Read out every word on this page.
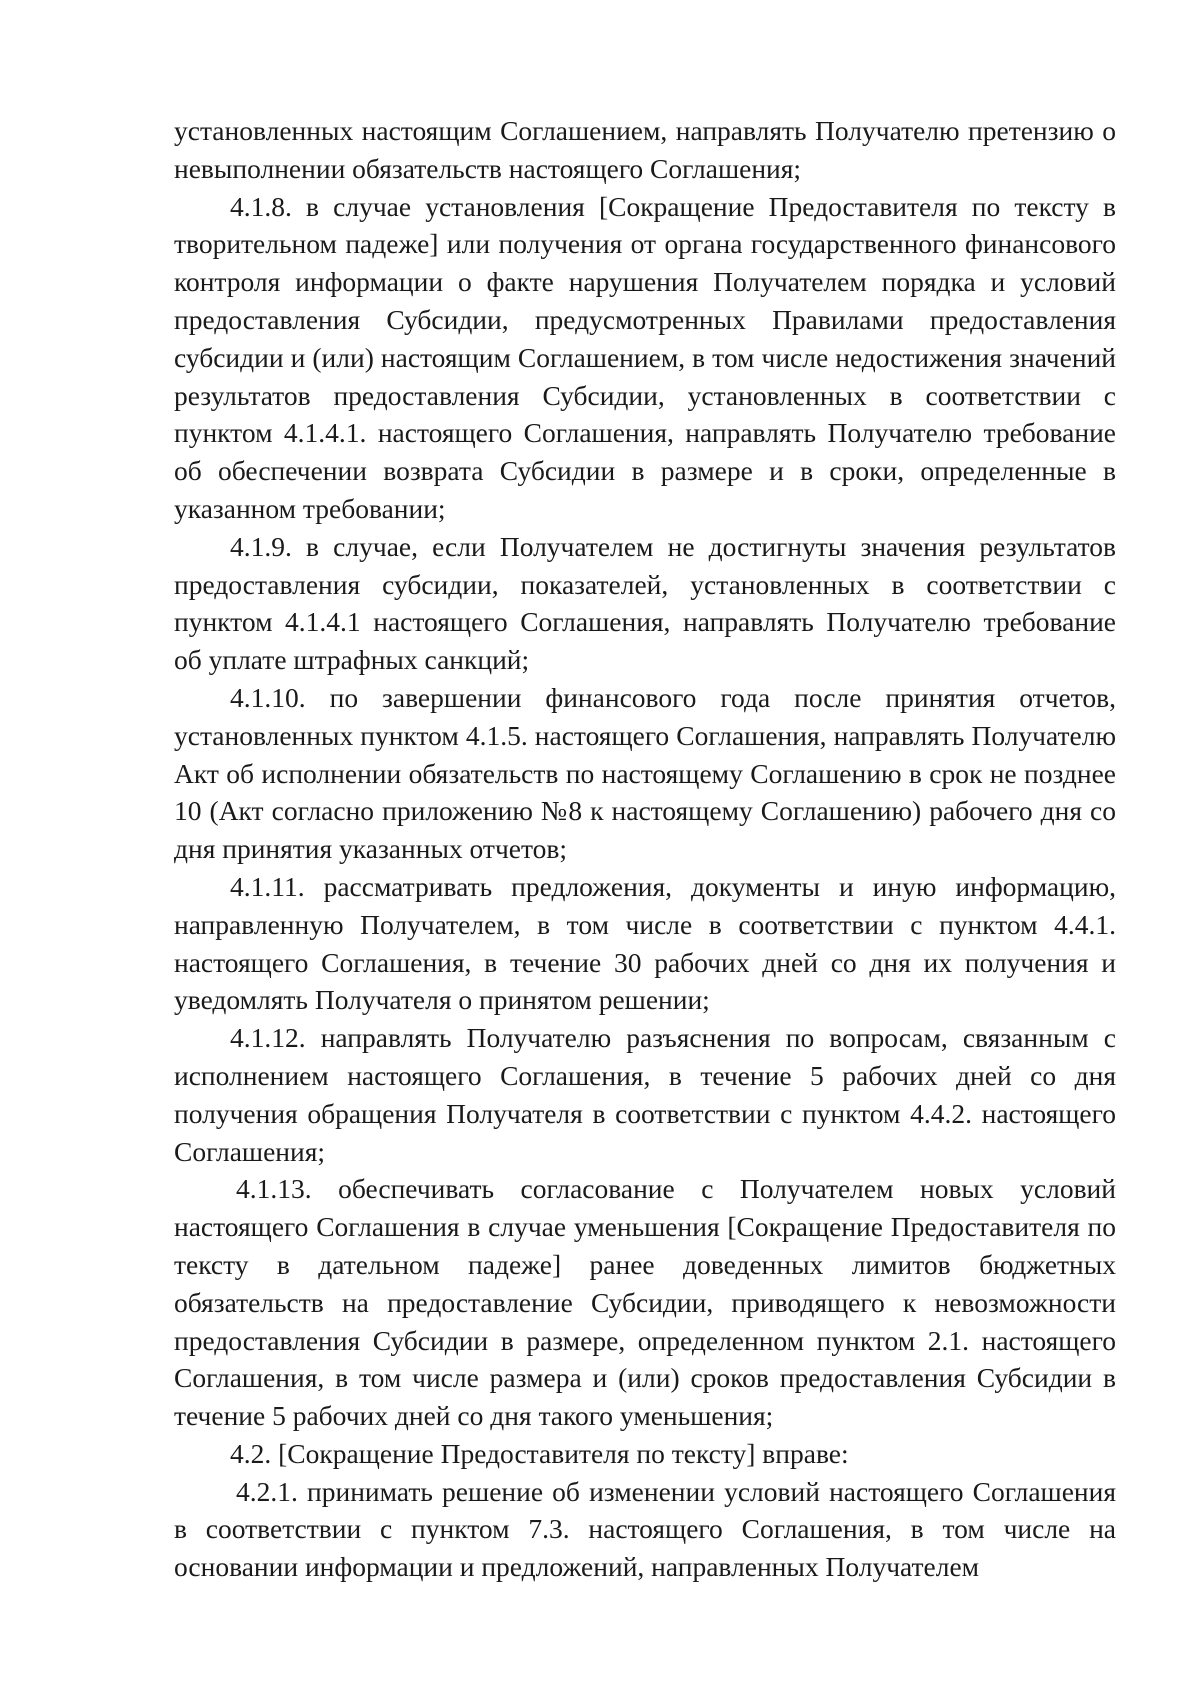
установленных настоящим Соглашением, направлять Получателю претензию о невыполнении обязательств настоящего Соглашения;

4.1.8. в случае установления [Сокращение Предоставителя по тексту в творительном падеже] или получения от органа государственного финансового контроля информации о факте нарушения Получателем порядка и условий предоставления Субсидии, предусмотренных Правилами предоставления субсидии и (или) настоящим Соглашением, в том числе недостижения значений результатов предоставления Субсидии, установленных в соответствии с пунктом 4.1.4.1. настоящего Соглашения, направлять Получателю требование об обеспечении возврата Субсидии в размере и в сроки, определенные в указанном требовании;

4.1.9. в случае, если Получателем не достигнуты значения результатов предоставления субсидии, показателей, установленных в соответствии с пунктом 4.1.4.1 настоящего Соглашения, направлять Получателю требование об уплате штрафных санкций;

4.1.10. по завершении финансового года после принятия отчетов, установленных пунктом 4.1.5. настоящего Соглашения, направлять Получателю Акт об исполнении обязательств по настоящему Соглашению в срок не позднее 10 (Акт согласно приложению №8 к настоящему Соглашению) рабочего дня со дня принятия указанных отчетов;

4.1.11. рассматривать предложения, документы и иную информацию, направленную Получателем, в том числе в соответствии с пунктом 4.4.1. настоящего Соглашения, в течение 30 рабочих дней со дня их получения и уведомлять Получателя о принятом решении;

4.1.12. направлять Получателю разъяснения по вопросам, связанным с исполнением настоящего Соглашения, в течение 5 рабочих дней со дня получения обращения Получателя в соответствии с пунктом 4.4.2. настоящего Соглашения;

4.1.13. обеспечивать согласование с Получателем новых условий настоящего Соглашения в случае уменьшения [Сокращение Предоставителя по тексту в дательном падеже] ранее доведенных лимитов бюджетных обязательств на предоставление Субсидии, приводящего к невозможности предоставления Субсидии в размере, определенном пунктом 2.1. настоящего Соглашения, в том числе размера и (или) сроков предоставления Субсидии в течение 5 рабочих дней со дня такого уменьшения;

4.2. [Сокращение Предоставителя по тексту] вправе:

4.2.1. принимать решение об изменении условий настоящего Соглашения в соответствии с пунктом 7.3. настоящего Соглашения, в том числе на основании информации и предложений, направленных Получателем
